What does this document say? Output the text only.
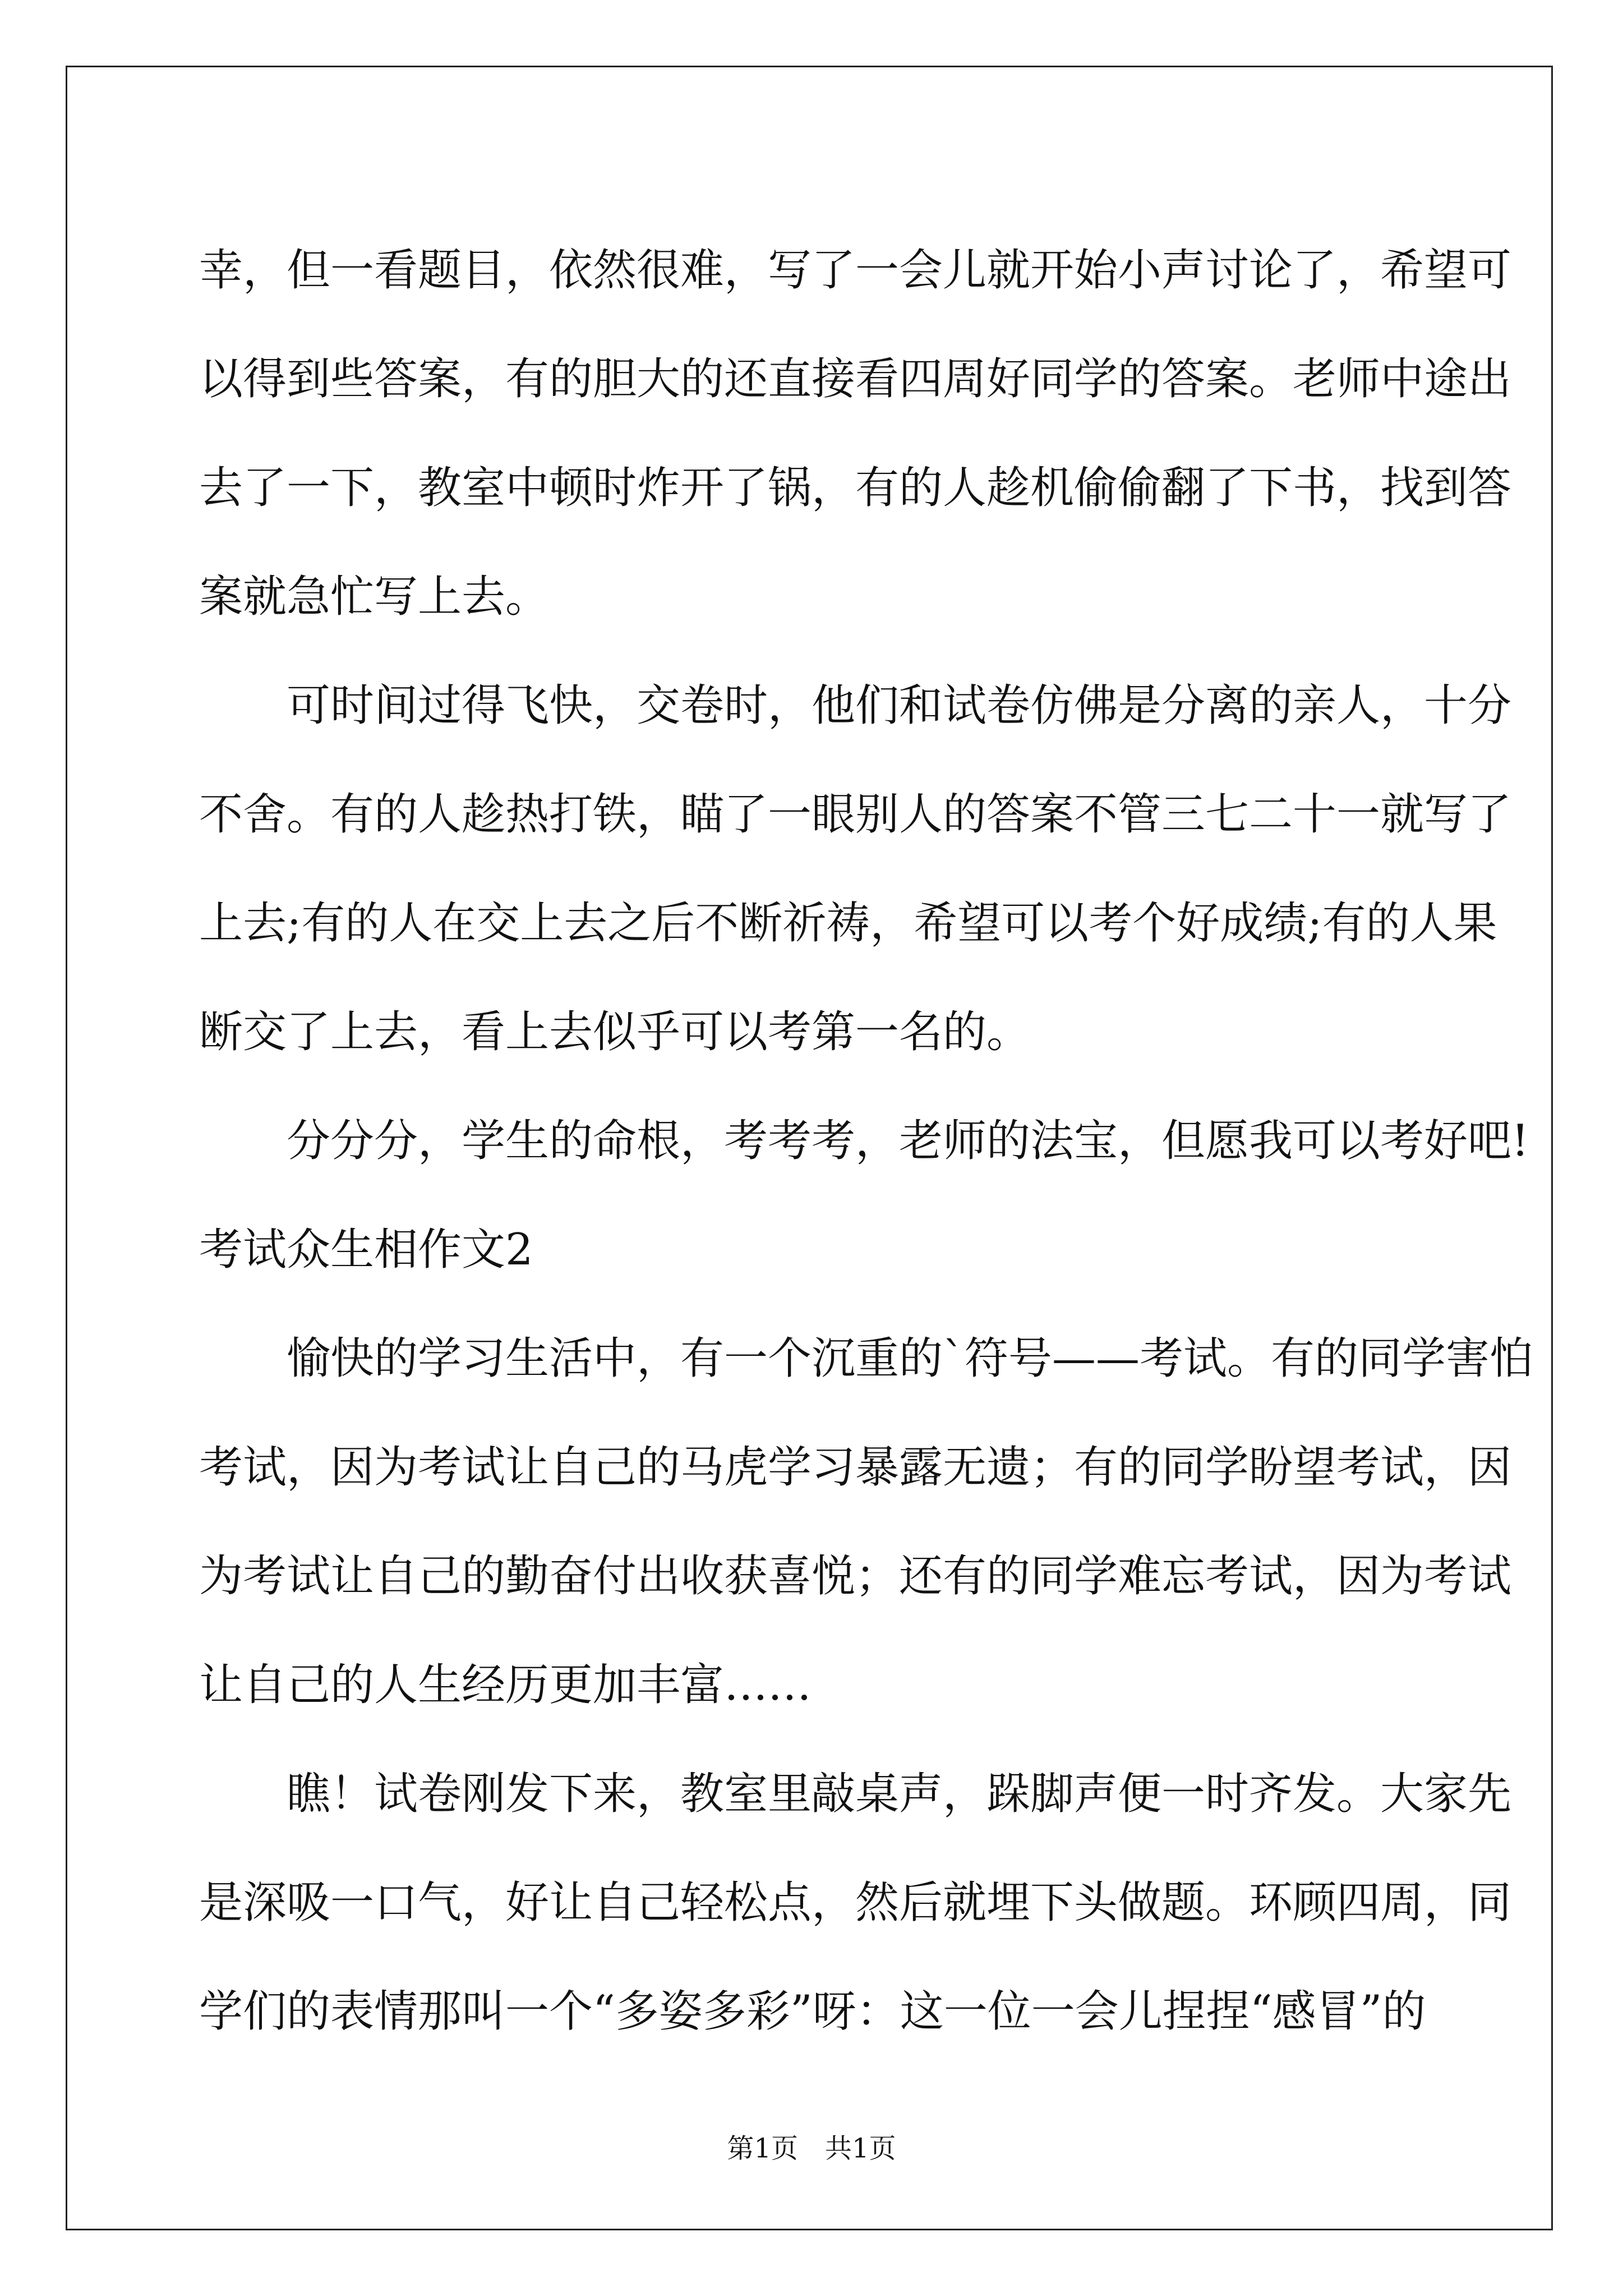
幸，但一看题目，依然很难，写了一会儿就开始小声讨论了，希望可
以得到些答案，有的胆大的还直接看四周好同学的答案。老师中途出
去了一下，教室中顿时炸开了锅，有的人趁机偷偷翻了下书，找到答
案就急忙写上去。
可时间过得飞快，交卷时，他们和试卷仿佛是分离的亲人，十分
不舍。有的人趁热打铁，瞄了一眼别人的答案不管三七二十一就写了
上去;有的人在交上去之后不断祈祷，希望可以考个好成绩;有的人果
断交了上去，看上去似乎可以考第一名的。
分分分，学生的命根，考考考，老师的法宝，但愿我可以考好吧!
考试众生相作文2
愉快的学习生活中，有一个沉重的`符号——考试。有的同学害怕
考试，因为考试让自己的马虎学习暴露无遗；有的同学盼望考试，因
为考试让自己的勤奋付出收获喜悦；还有的同学难忘考试，因为考试
让自己的人生经历更加丰富……
瞧！试卷刚发下来，教室里敲桌声，跺脚声便一时齐发。大家先
是深吸一口气，好让自己轻松点，然后就埋下头做题。环顾四周，同
学们的表情那叫一个“多姿多彩”呀：这一位一会儿捏捏“感冒”的
第1页 共1页
